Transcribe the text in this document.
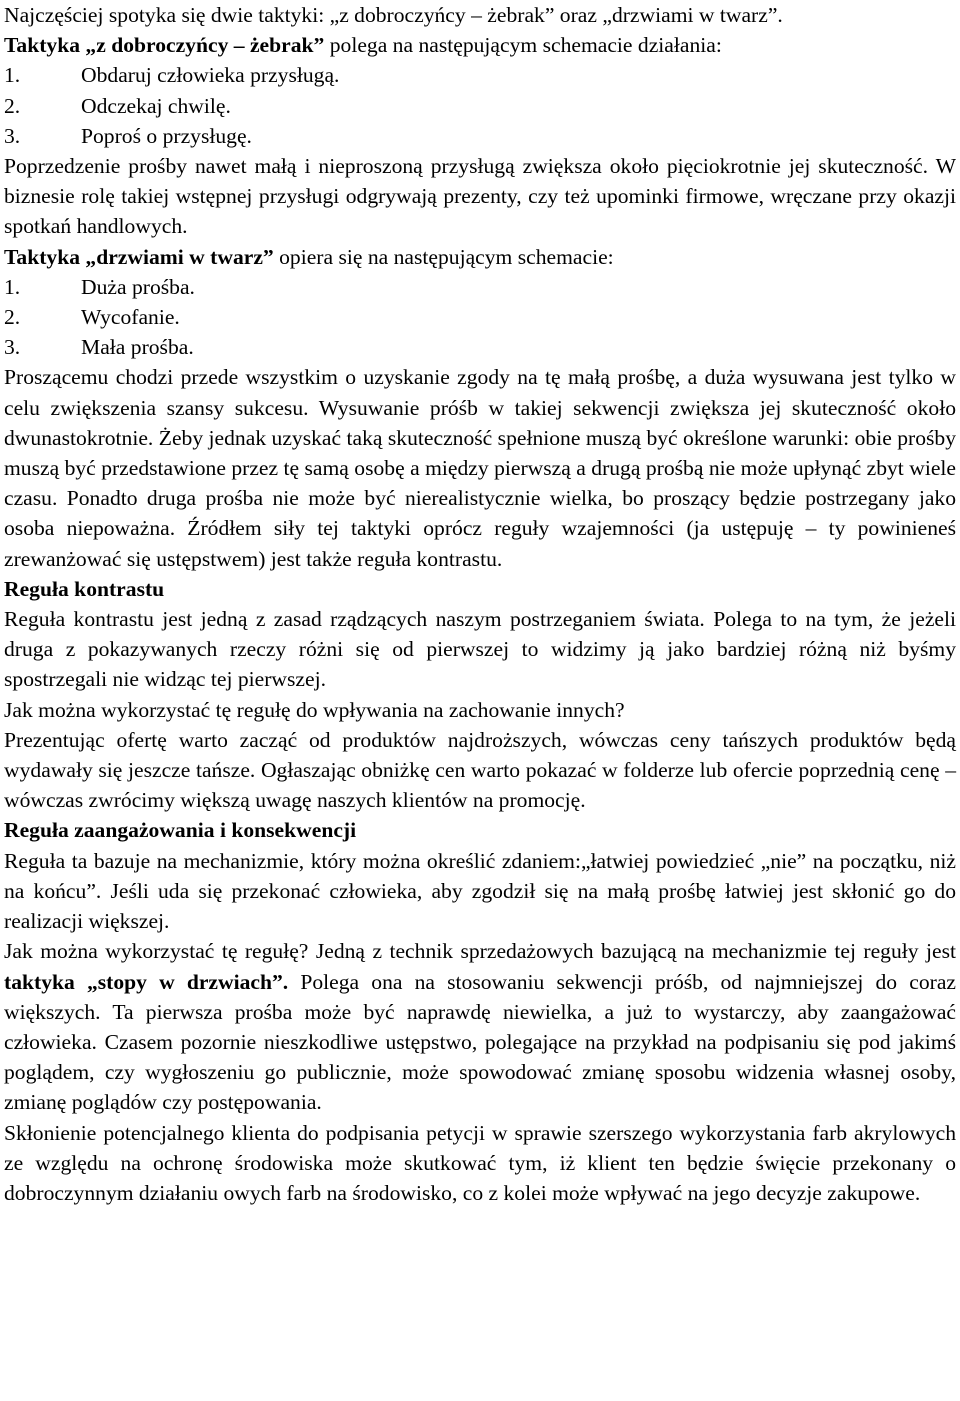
Najczęściej spotyka się dwie taktyki: „z dobroczyńcy – żebrak” oraz „drzwiami w twarz”.

Taktyka „z dobroczyńcy – żebrak” polega na następującym schemacie działania:

1.	Obdaruj człowieka przysługą.
2.	Odczekaj chwilę.
3.	Poproś o przysługę.

Poprzedzenie prośby nawet małą i nieproszoną przysługą zwiększa około pięciokrotnie jej skuteczność. W biznesie rolę takiej wstępnej przysługi odgrywają prezenty, czy też upominki firmowe, wręczane przy okazji spotkań handlowych.

Taktyka „drzwiami w twarz” opiera się na następującym schemacie:

1.	Duża prośba.
2.	Wycofanie.
3.	Mała prośba.

Proszącemu chodzi przede wszystkim o uzyskanie zgody na tę małą prośbę, a duża wysuwana jest tylko w celu zwiększenia szansy sukcesu. Wysuwanie próśb w takiej sekwencji zwiększa jej skuteczność około dwunastokrotnie. Żeby jednak uzyskać taką skuteczność spełnione muszą być określone warunki: obie prośby muszą być przedstawione przez tę samą osobę a między pierwszą a drugą prośbą nie może upłynąć zbyt wiele czasu. Ponadto druga prośba nie może być nierealistycznie wielka, bo proszący będzie postrzegany jako osoba niepoważna. Źródłem siły tej taktyki oprócz reguły wzajemności (ja ustępuję – ty powinieneś zrewanżować się ustępstwem) jest także reguła kontrastu.

Reguła kontrastu

Reguła kontrastu jest jedną z zasad rządzących naszym postrzeganiem świata. Polega to na tym, że jeżeli druga z pokazywanych rzeczy różni się od pierwszej to widzimy ją jako bardziej różną niż byśmy spostrzegali nie widząc tej pierwszej.

Jak można wykorzystać tę regułę do wpływania na zachowanie innych?

Prezentując ofertę warto zacząć od produktów najdroższych, wówczas ceny tańszych produktów będą wydawały się jeszcze tańsze. Ogłaszając obniżkę cen warto pokazać w folderze lub ofercie poprzednią cenę – wówczas zwrócimy większą uwagę naszych klientów na promocję.

Reguła zaangażowania i konsekwencji

Reguła ta bazuje na mechanizmie, który można określić zdaniem:„łatwiej powiedzieć „nie” na początku, niż na końcu”. Jeśli uda się przekonać człowieka, aby zgodził się na małą prośbę łatwiej jest skłonić go do realizacji większej.

Jak można wykorzystać tę regułę? Jedną z technik sprzedażowych bazującą na mechanizmie tej reguły jest taktyka „stopy w drzwiach”. Polega ona na stosowaniu sekwencji próśb, od najmniejszej do coraz większych. Ta pierwsza prośba może być naprawdę niewielka, a już to wystarczy, aby zaangażować człowieka. Czasem pozornie nieszkodliwe ustępstwo, polegające na przykład na podpisaniu się pod jakimś poglądem, czy wygłoszeniu go publicznie, może spowodować zmianę sposobu widzenia własnej osoby, zmianę poglądów czy postępowania.

Skłonienie potencjalnego klienta do podpisania petycji w sprawie szerszego wykorzystania farb akrylowych ze względu na ochronę środowiska może skutkować tym, iż klient ten będzie święcie przekonany o dobroczynnym działaniu owych farb na środowisko, co z kolei może wpływać na jego decyzje zakupowe.
